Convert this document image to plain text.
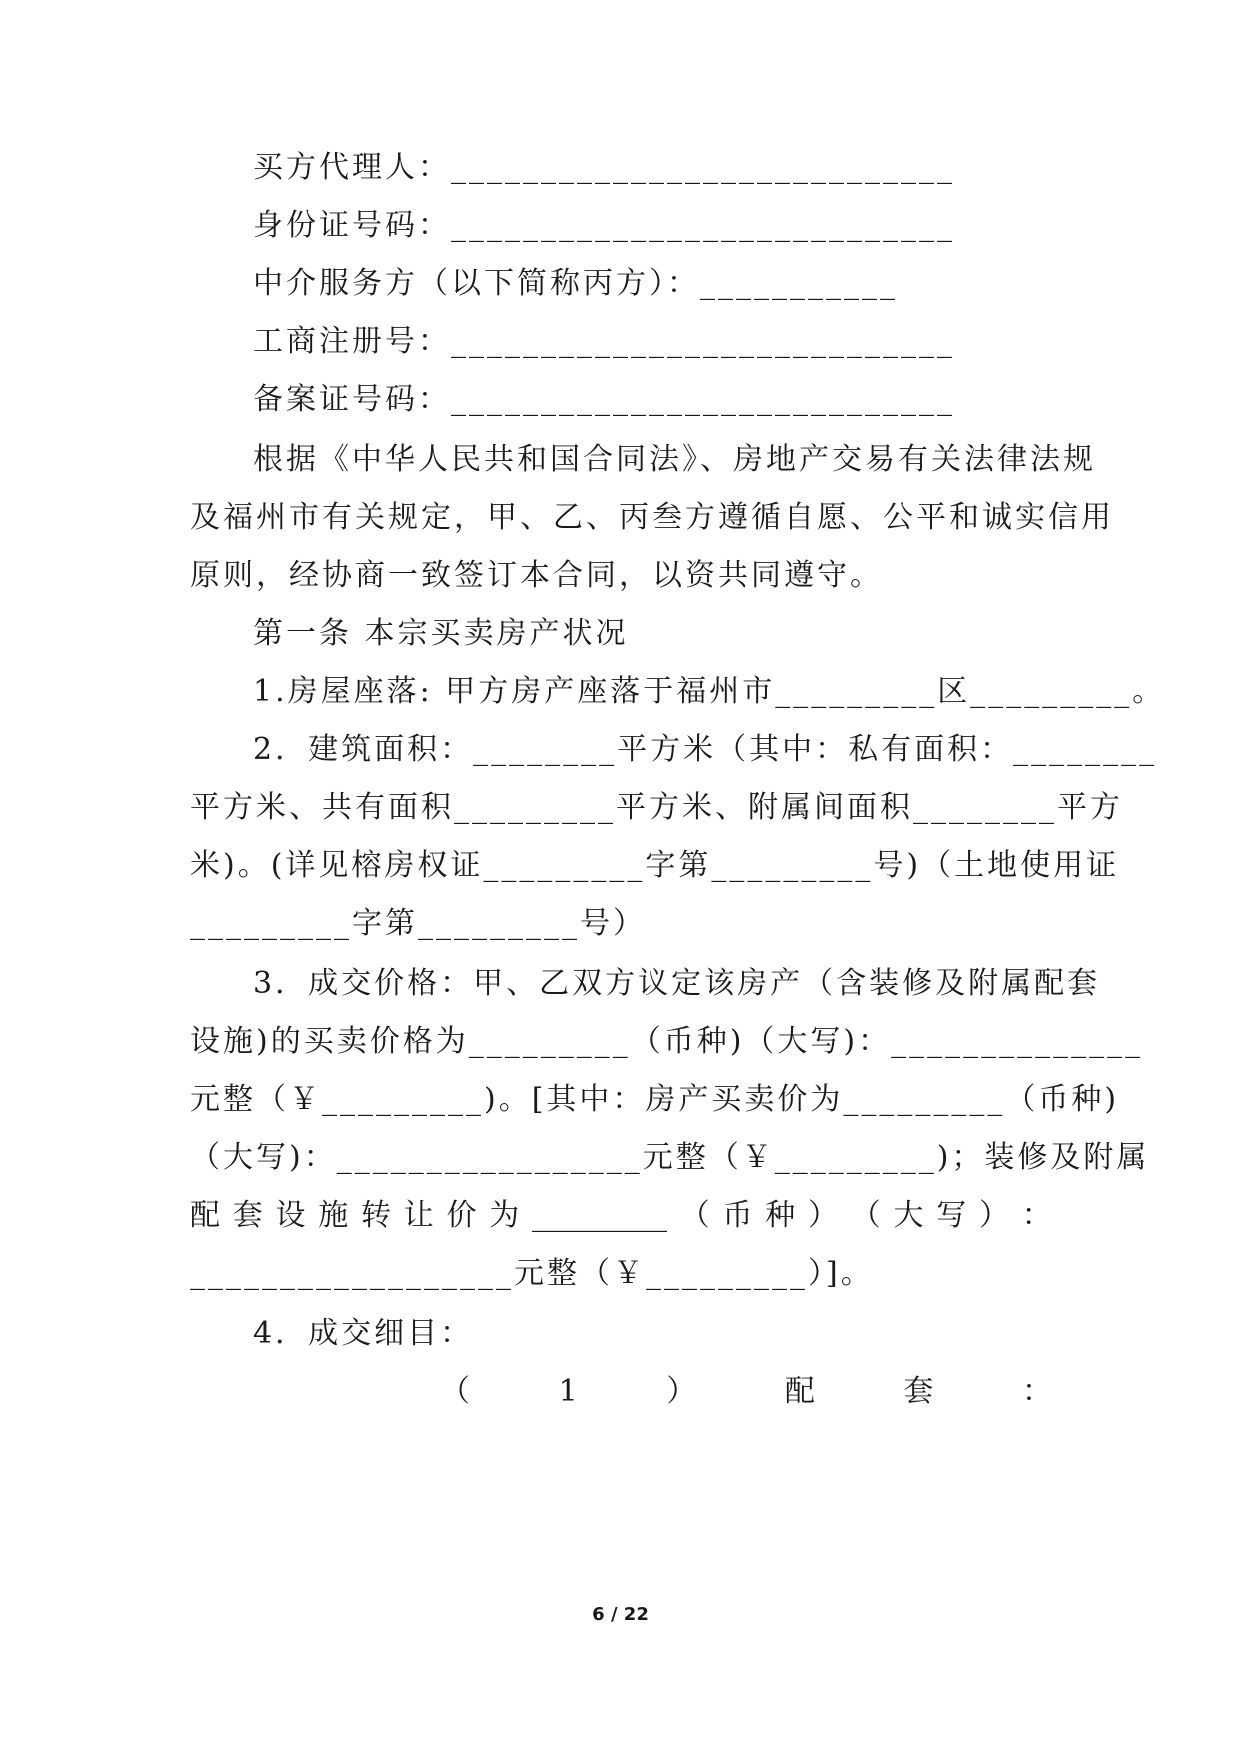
买方代理人：____________________________
身份证号码：____________________________
中介服务方（以下简称丙方）：___________
工商注册号：____________________________
备案证号码：____________________________
根据《中华人民共和国合同法》、房地产交易有关法律法规
及福州市有关规定，甲、乙、丙叁方遵循自愿、公平和诚实信用
原则，经协商一致签订本合同，以资共同遵守。
第一条 本宗买卖房产状况
1.房屋座落: 甲方房产座落于福州市_________区_________。
2．建筑面积：________平方米（其中：私有面积：________
平方米、共有面积_________平方米、附属间面积________平方
米)。(详见榕房权证_________字第_________号)（土地使用证
_________字第_________号）
3．成交价格：甲、乙双方议定该房产（含装修及附属配套
设施)的买卖价格为_________（币种)（大写)：______________
元整（￥_________)。[其中：房产买卖价为_________（币种)
（大写)：_________________元整（￥_________)；装修及附属
配 套 设 施 转 让 价 为 _________ （ 币 种 ） （ 大 写 ） ：
__________________元整（￥_________）]。
4．成交细目：
（	1	）	配	套	：
6 / 22
